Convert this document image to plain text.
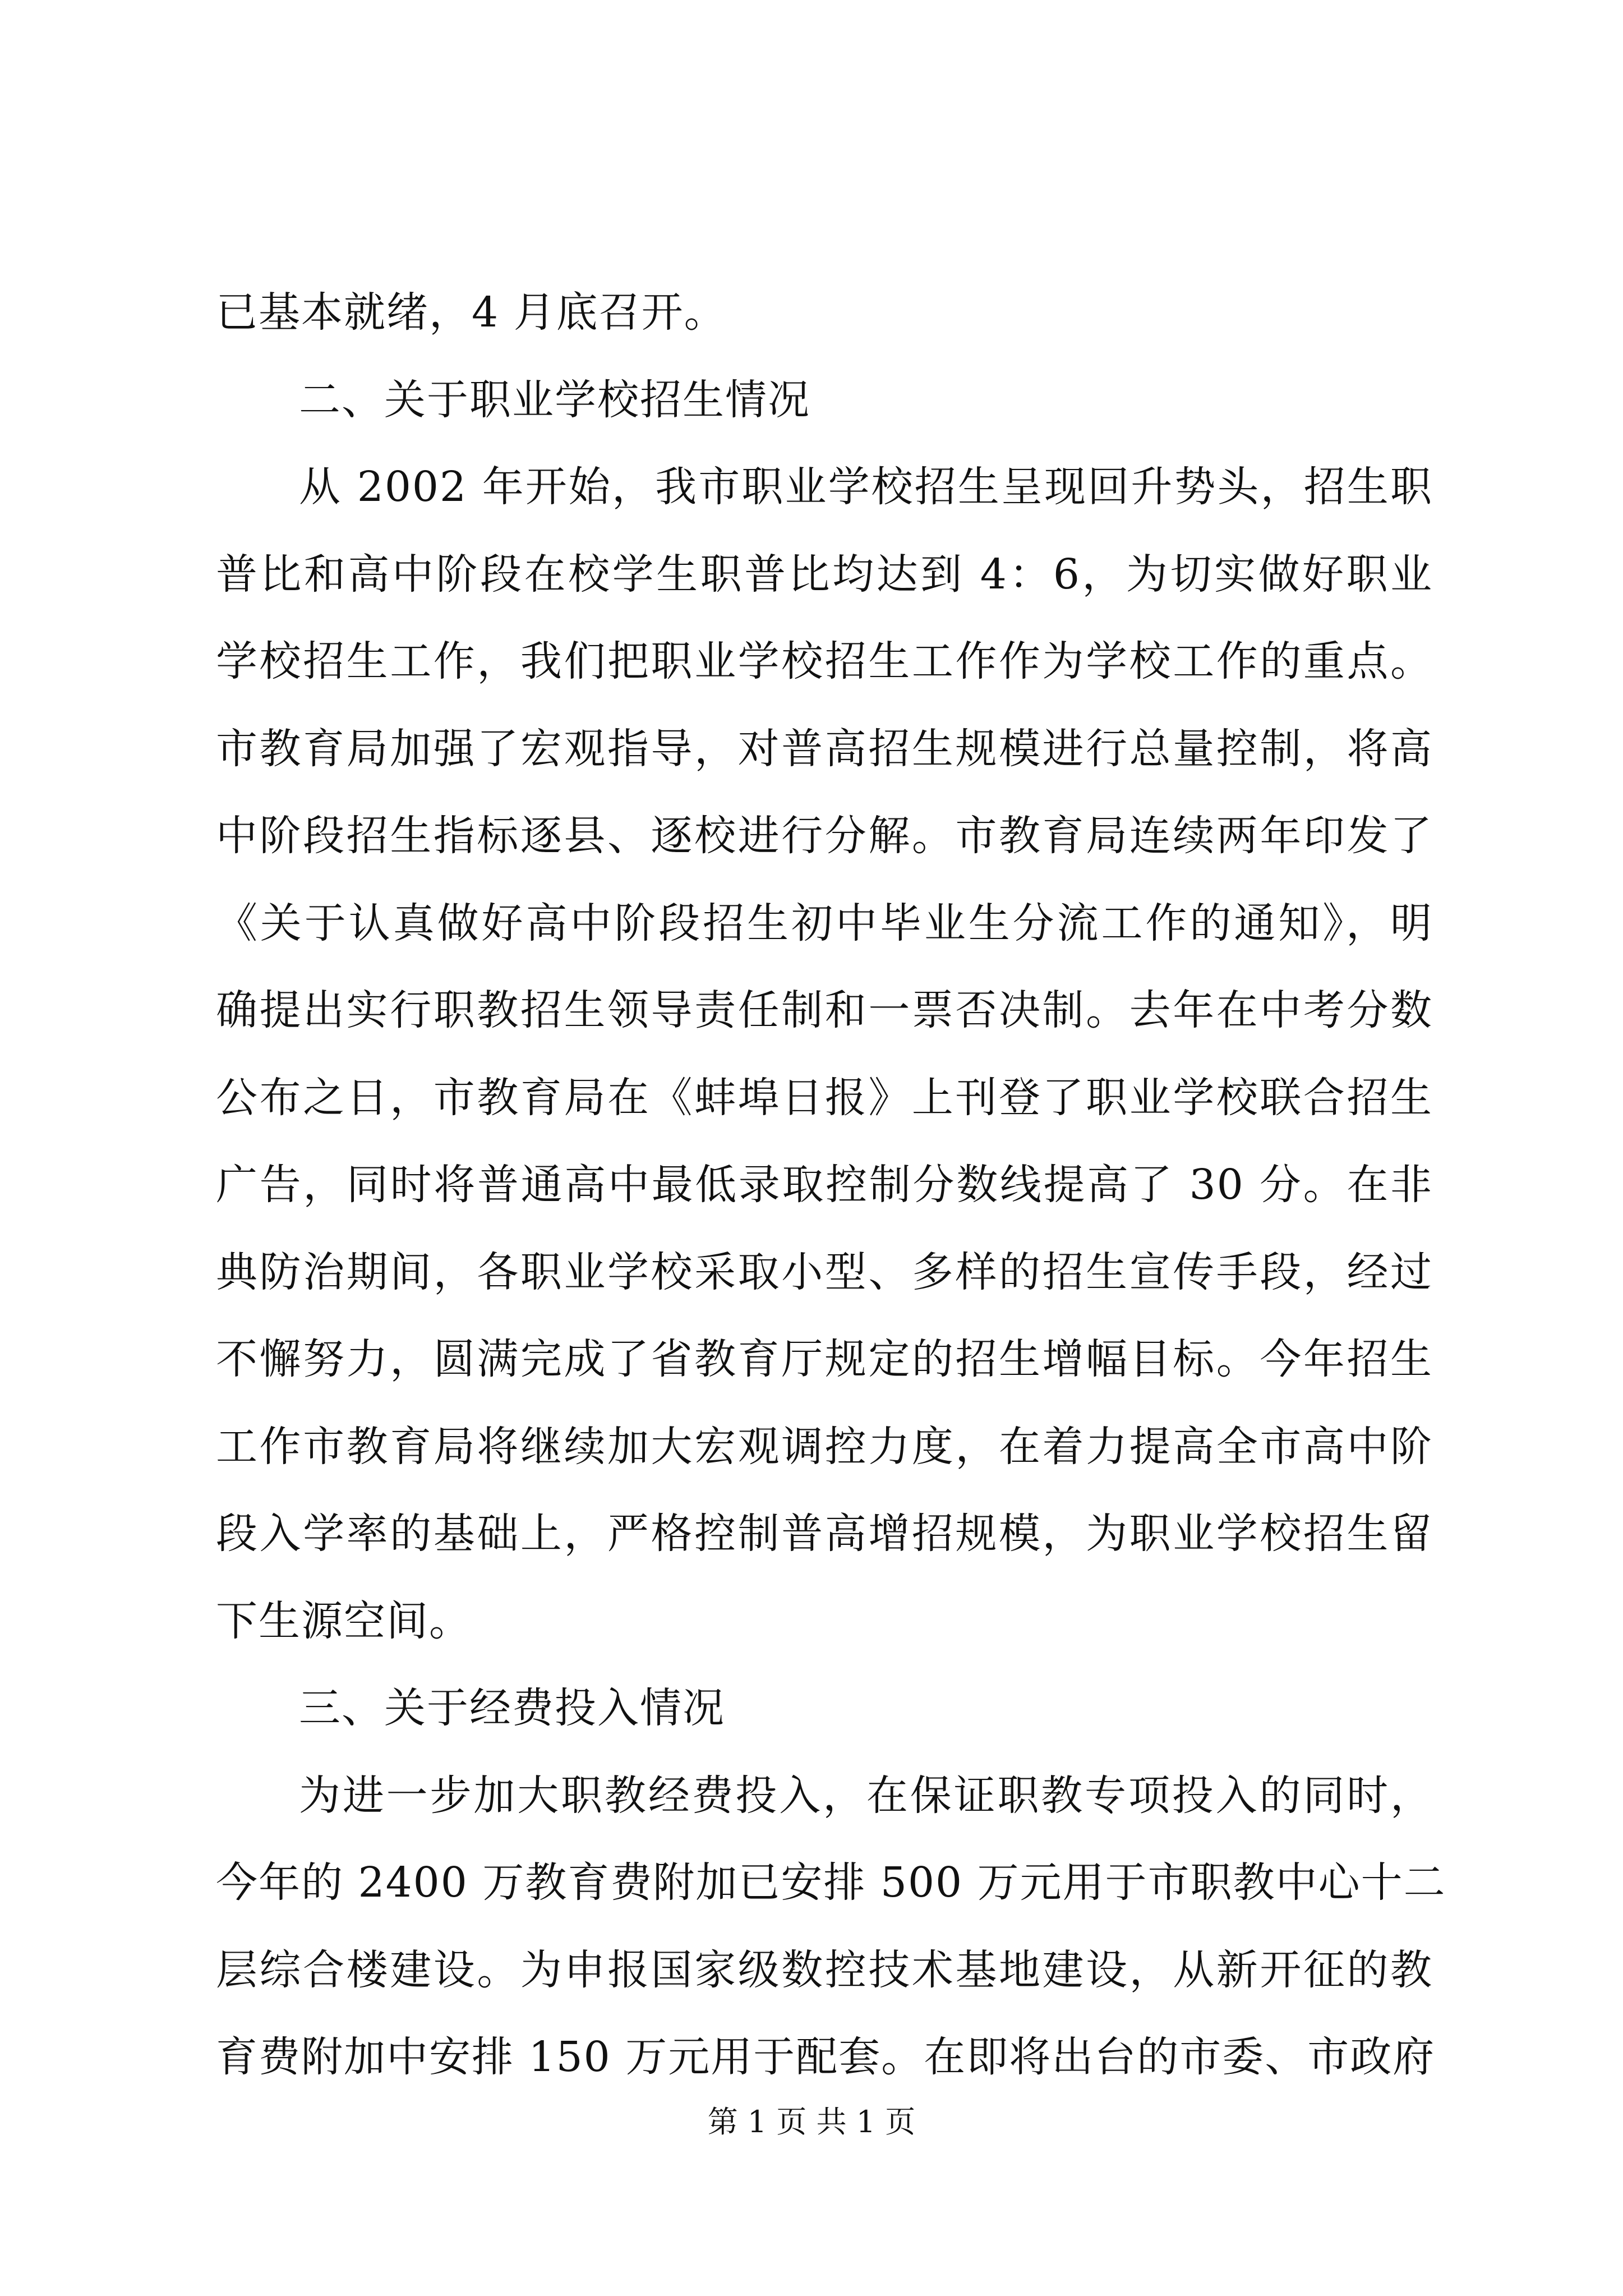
已基本就绪，4 月底召开。
二、关于职业学校招生情况
从 2002 年开始，我市职业学校招生呈现回升势头，招生职
普比和高中阶段在校学生职普比均达到 4：6，为切实做好职业
学校招生工作，我们把职业学校招生工作作为学校工作的重点。
市教育局加强了宏观指导，对普高招生规模进行总量控制，将高
中阶段招生指标逐县、逐校进行分解。市教育局连续两年印发了
《关于认真做好高中阶段招生初中毕业生分流工作的通知》，明
确提出实行职教招生领导责任制和一票否决制。去年在中考分数
公布之日，市教育局在《蚌埠日报》上刊登了职业学校联合招生
广告，同时将普通高中最低录取控制分数线提高了 30 分。在非
典防治期间，各职业学校采取小型、多样的招生宣传手段，经过
不懈努力，圆满完成了省教育厅规定的招生增幅目标。今年招生
工作市教育局将继续加大宏观调控力度，在着力提高全市高中阶
段入学率的基础上，严格控制普高增招规模，为职业学校招生留
下生源空间。
三、关于经费投入情况
为进一步加大职教经费投入，在保证职教专项投入的同时，
今年的 2400 万教育费附加已安排 500 万元用于市职教中心十二
层综合楼建设。为申报国家级数控技术基地建设，从新开征的教
育费附加中安排 150 万元用于配套。在即将出台的市委、市政府
第 1 页 共 1 页
